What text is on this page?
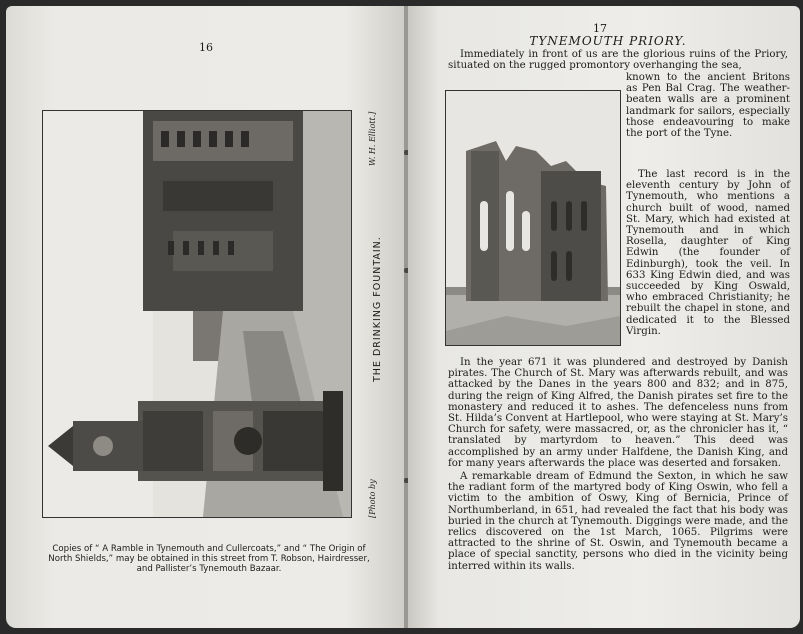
16
THE DRINKING FOUNTAIN.
[Photo by
W. H. Elliott.]
Copies of “ A Ramble in Tynemouth and Cullercoats,” and “ The Origin of North Shields,” may be obtained in this street from T. Robson, Hairdresser, and Pallister’s Tynemouth Bazaar.
17
TYNEMOUTH PRIORY.

Immediately in front of us are the glorious ruins of the Priory, situated on the rugged promontory overhanging the sea,

known to the ancient Britons as Pen Bal Crag. The weather-beaten walls are a prominent landmark for sailors, especially those endeavouring to make the port of the Tyne.

The last record is in the eleventh century by John of Tynemouth, who mentions a church built of wood, named St. Mary, which had existed at Tynemouth and in which Rosella, daughter of King Edwin (the founder of Edinburgh), took the veil. In 633 King Edwin died, and was succeeded by King Oswald, who embraced Christianity; he rebuilt the chapel in stone, and dedicated it to the Blessed Virgin.

In the year 671 it was plundered and destroyed by Danish pirates. The Church of St. Mary was afterwards rebuilt, and was attacked by the Danes in the years 800 and 832; and in 875, during the reign of King Alfred, the Danish pirates set fire to the monastery and reduced it to ashes. The defenceless nuns from St. Hilda’s Convent at Hartlepool, who were staying at St. Mary’s Church for safety, were massacred, or, as the chronicler has it, “ translated by martyrdom to heaven.” This deed was accomplished by an army under Halfdene, the Danish King, and for many years afterwards the place was deserted and forsaken.

A remarkable dream of Edmund the Sexton, in which he saw the radiant form of the martyred body of King Oswin, who fell a victim to the ambition of Oswy, King of Bernicia, Prince of Northumberland, in 651, had revealed the fact that his body was buried in the church at Tynemouth. Diggings were made, and the relics discovered on the 1st March, 1065. Pilgrims were attracted to the shrine of St. Oswin, and Tynemouth became a place of special sanctity, persons who died in the vicinity being interred within its walls.
